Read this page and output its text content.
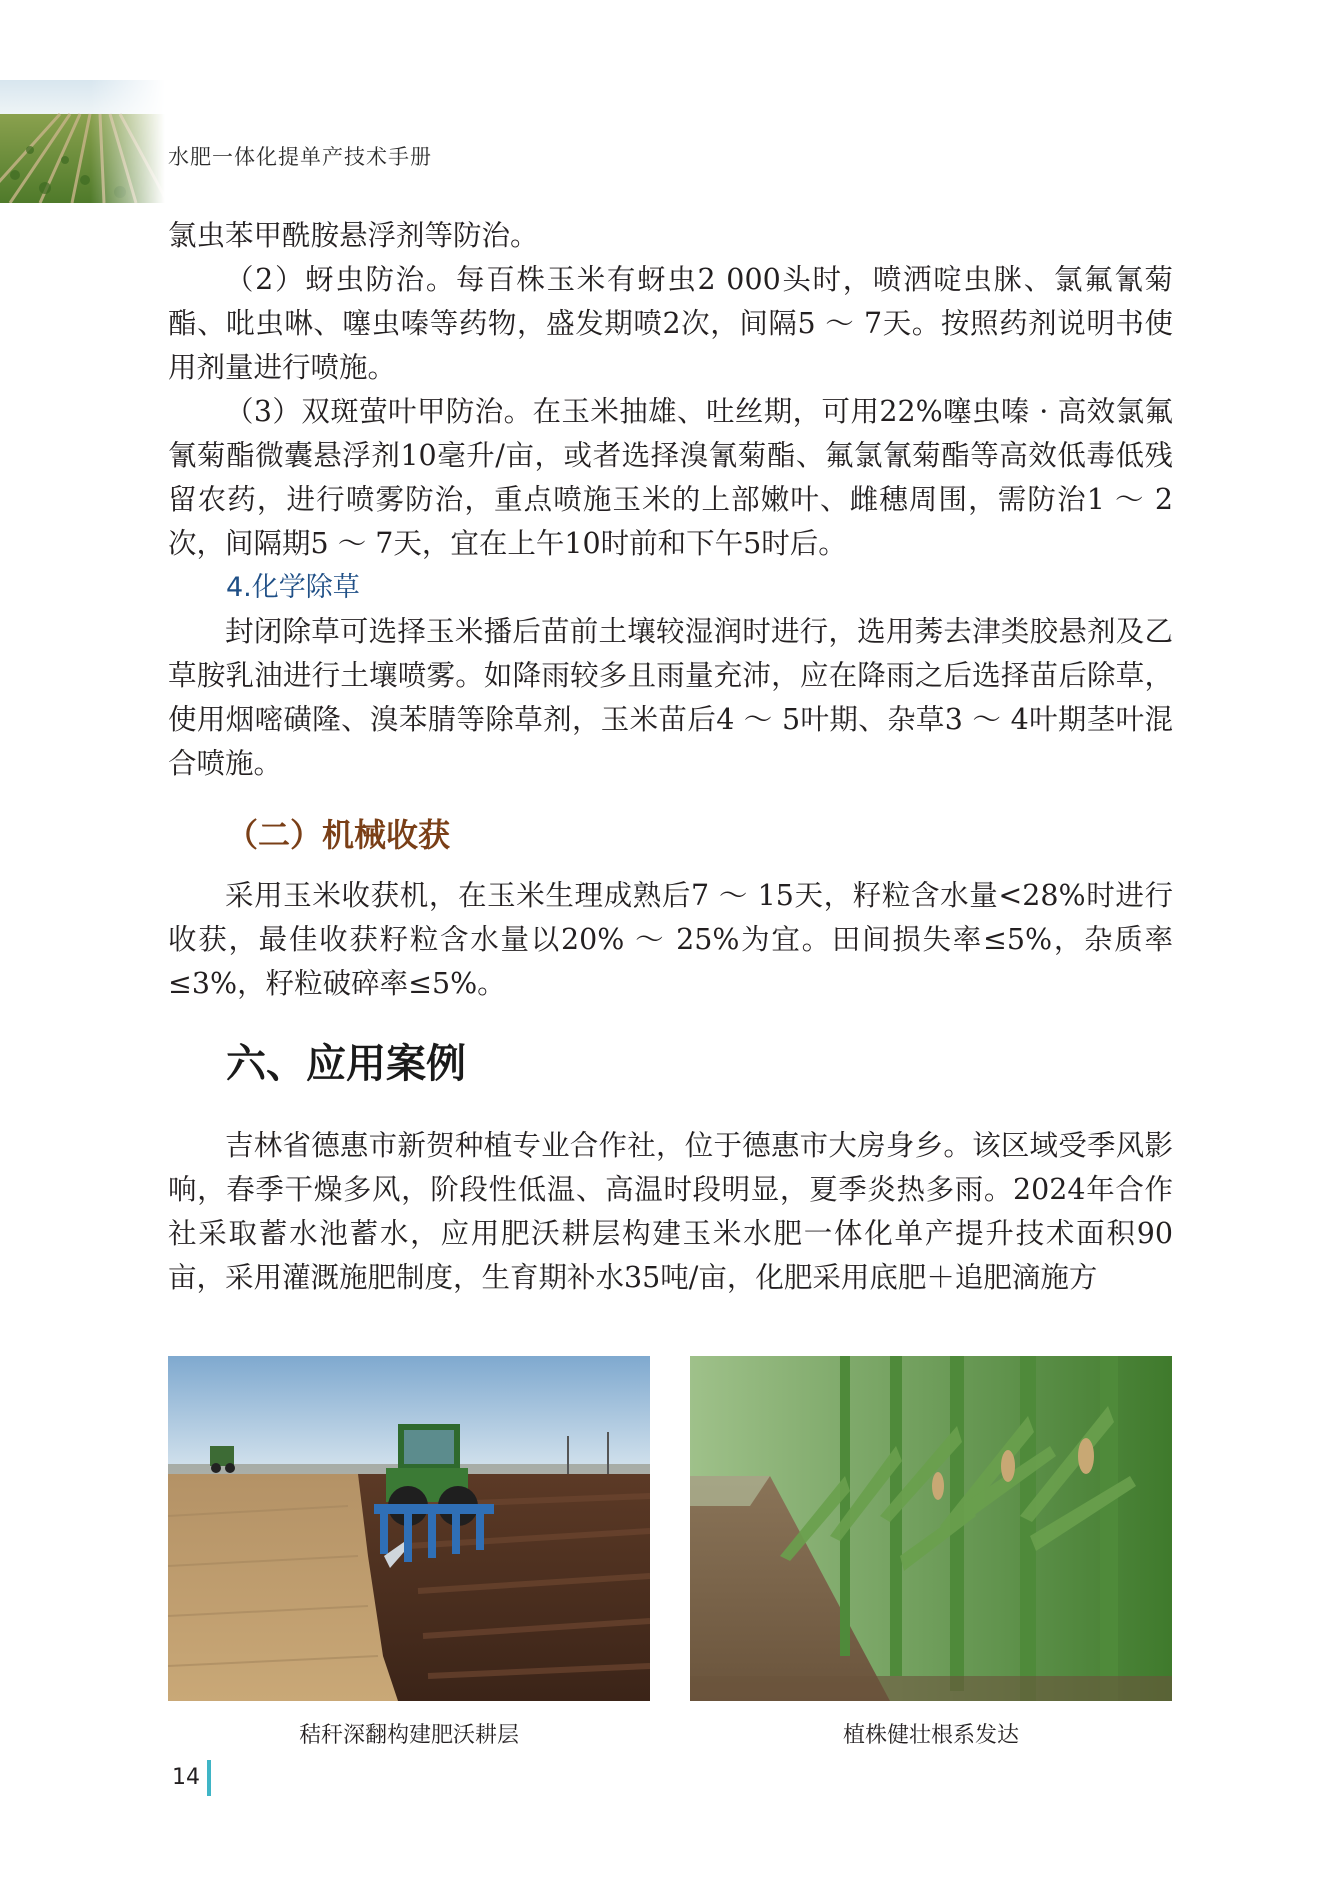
水肥一体化提单产技术手册

氯虫苯甲酰胺悬浮剂等防治。

（2）蚜虫防治。每百株玉米有蚜虫2 000头时，喷洒啶虫脒、氯氟氰菊酯、吡虫啉、噻虫嗪等药物，盛发期喷2次，间隔5 ～ 7天。按照药剂说明书使用剂量进行喷施。

（3）双斑萤叶甲防治。在玉米抽雄、吐丝期，可用22%噻虫嗪 · 高效氯氟氰菊酯微囊悬浮剂10毫升/亩，或者选择溴氰菊酯、氟氯氰菊酯等高效低毒低残留农药，进行喷雾防治，重点喷施玉米的上部嫩叶、雌穗周围，需防治1 ～ 2次，间隔期5 ～ 7天，宜在上午10时前和下午5时后。

4.化学除草

封闭除草可选择玉米播后苗前土壤较湿润时进行，选用莠去津类胶悬剂及乙草胺乳油进行土壤喷雾。如降雨较多且雨量充沛，应在降雨之后选择苗后除草，使用烟嘧磺隆、溴苯腈等除草剂，玉米苗后4 ～ 5叶期、杂草3 ～ 4叶期茎叶混合喷施。

（二）机械收获

采用玉米收获机，在玉米生理成熟后7 ～ 15天，籽粒含水量<28%时进行收获，最佳收获籽粒含水量以20% ～ 25%为宜。田间损失率≤5%，杂质率≤3%，籽粒破碎率≤5%。

六、应用案例

吉林省德惠市新贺种植专业合作社，位于德惠市大房身乡。该区域受季风影响，春季干燥多风，阶段性低温、高温时段明显，夏季炎热多雨。2024年合作社采取蓄水池蓄水，应用肥沃耕层构建玉米水肥一体化单产提升技术面积90亩，采用灌溉施肥制度，生育期补水35吨/亩，化肥采用底肥＋追肥滴施方

秸秆深翻构建肥沃耕层	植株健壮根系发达
14
